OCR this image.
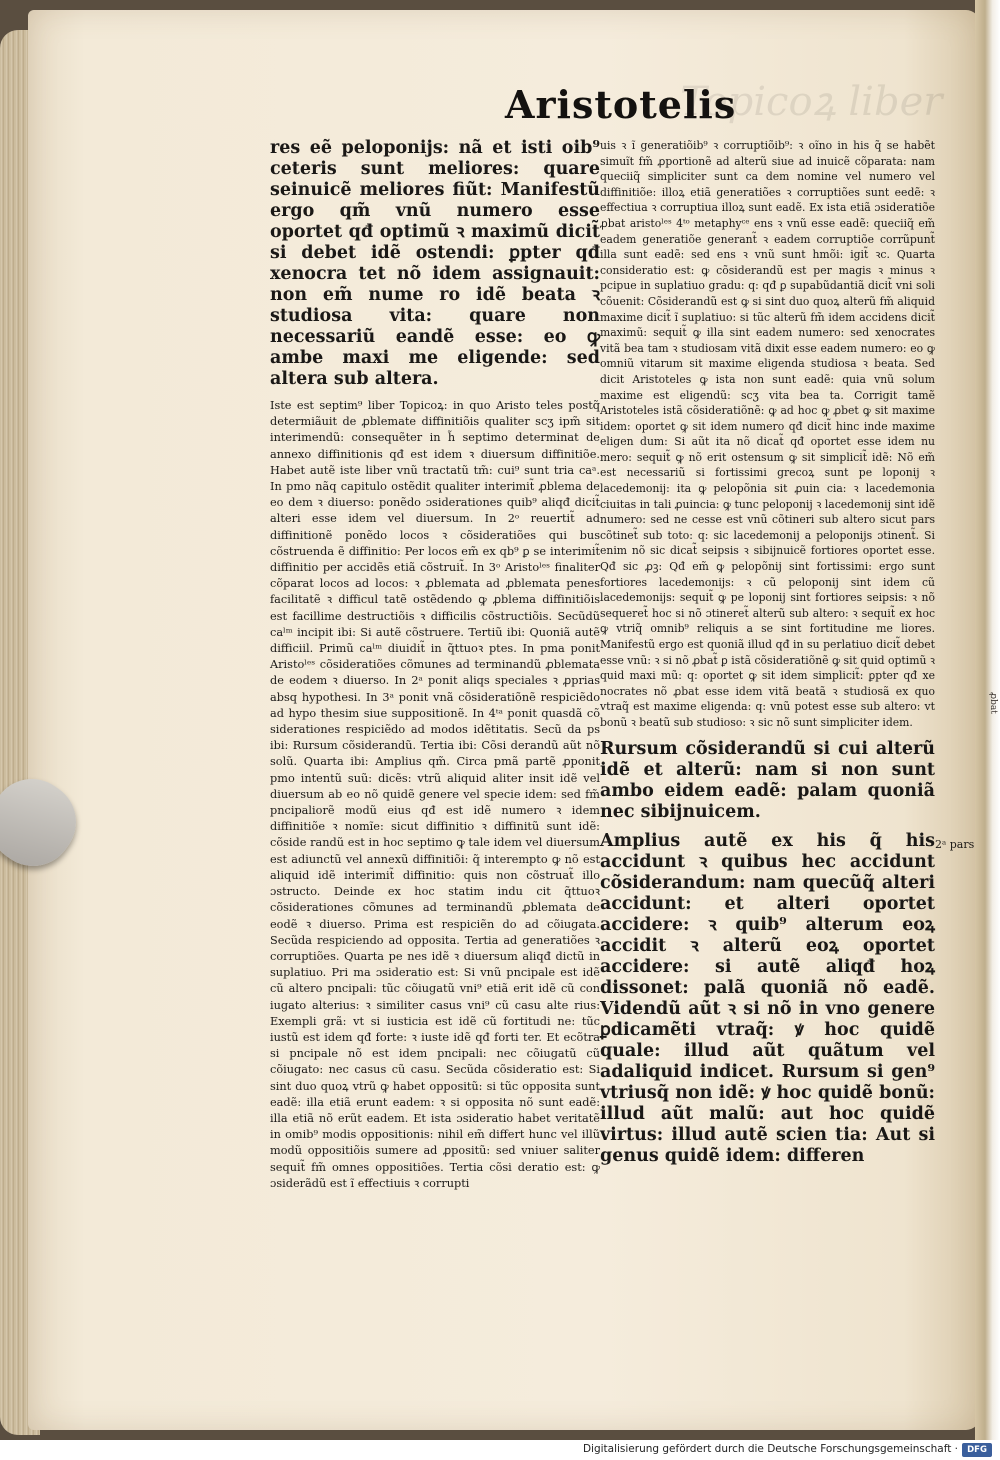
Topicoꝝ liber
Aristotelis

res eẽ peloponijs: nã et isti oib⁹ ceteris sunt meliores: quare seinuicẽ meliores fiũt: Manifestũ ergo qm̃ vnũ numero esse oportet qđ optimũ ꝛ maximũ dicit̃ si debet idẽ ostendi: ꝑpter qđ xenocra tet nõ idem assignauit: non em̃ nume ro idẽ beata ꝛ studiosa vita: quare non necessariũ eandẽ esse: eo ꝙ ambe maxi me eligende: sed altera sub altera.

Iste est septim⁹ liber Topicoꝝ: in quo Aristo teles postq̃ determiãuit de ꝓblemate diffinitiõis qualiter scʒ ipm̃ sit interimendũ: consequẽter in h̃ septimo determinat de annexo diffinitionis qđ est idem ꝛ diuersum diffinitiõe. Habet autẽ iste liber vnũ tractatũ tm̃: cui⁹ sunt tria caᵃ. In pmo nãq capitulo ostẽdit qualiter interimit̃ ꝓblema de eo dem ꝛ diuerso: ponẽdo ɔsiderationes quib⁹ aliqđ dicit̃ alteri esse idem vel diuersum. In 2ᵒ reuertit̃ ad diffinitionẽ ponẽdo locos ꝛ cõsideratiões qui bus cõstruenda ẽ diffinitio: Per locos em̃ ex qb⁹ ꝑ se interimit̃ diffinitio per accidẽs etiã cõstruit̃. In 3ᵒ Aristoˡᵉˢ finaliter cõparat locos ad locos: ꝛ ꝓblemata ad ꝓblemata penes facilitatẽ ꝛ difficul tatẽ ostẽdendo ꝙ ꝓblema diffinitiõis est facillime destructiõis ꝛ difficilis cõstructiõis. Secũdũ caˡᵐ incipit ibi: Si autẽ cõstruere. Tertiũ ibi: Quoniã autẽ difficiil. Primũ caˡᵐ diuidit̃ in q̃ttuoꝛ ptes. In pma ponit Aristoˡᵉˢ cõsideratiões cõmunes ad terminandũ ꝓblemata de eodem ꝛ diuerso. In 2ᵃ ponit aliqs speciales ꝛ ꝓprias absq hypothesi. In 3ᵃ ponit vnã cõsideratiõnẽ respiciẽdo ad hypo thesim siue suppositionẽ. In 4ᵗᵃ ponit quasdã cõ siderationes respiciẽdo ad modos idẽtitatis. Secũ da ps ibi: Rursum cõsiderandũ. Tertia ibi: Cõsi derandũ aũt nõ solũ. Quarta ibi: Amplius qm̃. Circa pmã partẽ ꝓponit pmo intentũ suũ: dicẽs: vtrũ aliquid aliter insit idẽ vel diuersum ab eo nõ quidẽ genere vel specie idem: sed fm̃ pncipaliorẽ modũ eius qđ est idẽ numero ꝛ idem diffinitiõe ꝛ nomĩe: sicut diffinitio ꝛ diffinitũ sunt idẽ: cõside randũ est in hoc septimo ꝙ tale idem vel diuersum est adiunctũ vel annexũ diffinitiõi: q̃ interempto ꝙ nõ est aliquid idẽ interimit̃ diffinitio: quis non cõstruat̃ illo ɔstructo. Deinde ex hoc statim indu cit q̃ttuoꝛ cõsiderationes cõmunes ad terminandũ ꝓblemata de eodẽ ꝛ diuerso. Prima est respiciẽn do ad cõiugata. Secũda respiciendo ad opposita. Tertia ad generatiões ꝛ corruptiões. Quarta pe nes idẽ ꝛ diuersum aliqđ dictũ in suplatiuo. Pri ma ɔsideratio est: Si vnũ pncipale est idẽ cũ altero pncipali: tũc cõiugatũ vni⁹ etiã erit idẽ cũ con iugato alterius: ꝛ similiter casus vni⁹ cũ casu alte rius: Exempli grã: vt si iusticia est idẽ cũ fortitudi ne: tũc iustũ est idem qđ forte: ꝛ iuste idẽ qđ forti ter. Et ecõtra si pncipale nõ est idem pncipali: nec cõiugatũ cũ cõiugato: nec casus cũ casu. Secũda cõsideratio est: Si sint duo quoꝝ vtrũ ꝙ habet oppositũ: si tũc opposita sunt eadẽ: illa etiã erunt eadem: ꝛ si opposita nõ sunt eadẽ: illa etiã nõ erũt eadem. Et ista ɔsideratio habet veritatẽ in omib⁹ modis oppositionis: nihil em̃ differt hunc vel illũ modũ oppositiõis sumere ad ꝓpositũ: sed vniuer saliter sequit̃ fm̃ omnes oppositiões. Tertia cõsi deratio est: ꝙ ɔsiderãdũ est ĩ effectiuis ꝛ corrupti

uis ꝛ ĩ generatiõib⁹ ꝛ corruptiõib⁹: ꝛ oĩno in his q̃ se habẽt simuĩt fm̃ ꝓportionẽ ad alterũ siue ad inuicẽ cõparata: nam queciiq̃ simpliciter sunt ca dem nomine vel numero vel diffinitiõe: illoꝝ etiã generatiões ꝛ corruptiões sunt eedẽ: ꝛ effectiua ꝛ corruptiua illoꝝ sunt eadẽ. Ex ista etiã ɔsideratiõe ꝓbat aristoˡᵉˢ 4ᵗᵒ metaphyᶜᵉ ens ꝛ vnũ esse eadẽ: queciiq̃ em̃ eadem generatiõe generant̃ ꝛ eadem corruptiõe corrũpunt̃ illa sunt eadẽ: sed ens ꝛ vnũ sunt hmõi: igit̃ ꝛc. Quarta consideratio est: ꝙ cõsiderandũ est per magis ꝛ minus ꝛ pcipue in suplatiuo gradu: q: qđ ꝑ supabũdantiã dicit̃ vni soli cõuenit: Cõsiderandũ est ꝙ si sint duo quoꝝ alterũ fm̃ aliquid maxime dicit̃ ĩ suplatiuo: si tũc alterũ fm̃ idem accidens dicit̃ maximũ: sequit̃ ꝙ illa sint eadem numero: sed xenocrates vitã bea tam ꝛ studiosam vitã dixit esse eadem numero: eo ꝙ omniũ vitarum sit maxime eligenda studiosa ꝛ beata. Sed dicit Aristoteles ꝙ ista non sunt eadẽ: quia vnũ solum maxime est eligendũ: scʒ vita bea ta. Corrigit tamẽ Aristoteles istã cõsideratiõnẽ: ꝙ ad hoc ꝙ ꝓbet ꝙ sit maxime idem: oportet ꝙ sit idem numero qđ dicit̃ hinc inde maxime eligen dum: Si aũt ita nõ dicat̃ qđ oportet esse idem nu mero: sequit̃ ꝙ nõ erit ostensum ꝙ sit simplicit̃ idẽ: Nõ em̃ est necessariũ si fortissimi grecoꝝ sunt pe loponij ꝛ lacedemonij: ita ꝙ pelopõnia sit ꝓuin cia: ꝛ lacedemonia ciuitas in tali ꝓuincia: ꝙ tunc peloponij ꝛ lacedemonij sint idẽ numero: sed ne cesse est vnũ cõtineri sub altero sicut pars cõtinet̃ sub toto: q: sic lacedemonij a peloponijs ɔtinent̃. Si enim nõ sic dicat̃ seipsis ꝛ sibijnuicẽ fortiores oportet esse. Qđ sic ꝓꝫ: Qđ em̃ ꝙ pelopõnij sint fortissimi: ergo sunt fortiores lacedemonijs: ꝛ cũ peloponij sint idem cũ lacedemonijs: sequit̃ ꝙ pe loponij sint fortiores seipsis: ꝛ nõ sequeret̃ hoc si nõ ɔtineret̃ alterũ sub altero: ꝛ sequit̃ ex hoc ꝙ vtriq̃ omnib⁹ reliquis a se sint fortitudine me liores. Manifestũ ergo est quoniã illud qđ in su perlatiuo dicit̃ debet esse vnũ: ꝛ si nõ ꝓbat̃ ꝑ istã cõsideratiõnẽ ꝙ sit quid optimũ ꝛ quid maxi mũ: q: oportet ꝙ sit idem simplicit̃: ꝑpter qđ xe nocrates nõ ꝓbat esse idem vitã beatã ꝛ studiosã ex quo vtraq̃ est maxime eligenda: q: vnũ potest esse sub altero: vt bonũ ꝛ beatũ sub studioso: ꝛ sic nõ sunt simpliciter idem.

Rursum cõsiderandũ si cui alterũ idẽ et alterũ: nam si non sunt ambo eidem eadẽ: palam quoniã nec sibijnuicem.

Amplius autẽ ex his q̃ his accidunt ꝛ quibus hec accidunt cõsiderandum: nam quecũq̃ alteri accidunt: et alteri oportet accidere: ꝛ quib⁹ alterum eoꝝ accidit ꝛ alterũ eoꝝ oportet accidere: si autẽ aliqđ hoꝝ dissonet: palã quoniã nõ eadẽ. Videndũ aũt ꝛ si nõ in vno genere ꝑdicamẽti vtraq̃: ꝟ hoc quidẽ quale: illud aũt quãtum vel adaliquid indicet. Rursum si gen⁹ vtriusq̃ non idẽ: ꝟ hoc quidẽ bonũ: illud aũt malũ: aut hoc quidẽ virtus: illud autẽ scien tia: Aut si genus quidẽ idem: differen

2ᵃ pars
ꝓbat
Digitalisierung gefördert durch die Deutsche Forschungsgemeinschaft ·	DFG
